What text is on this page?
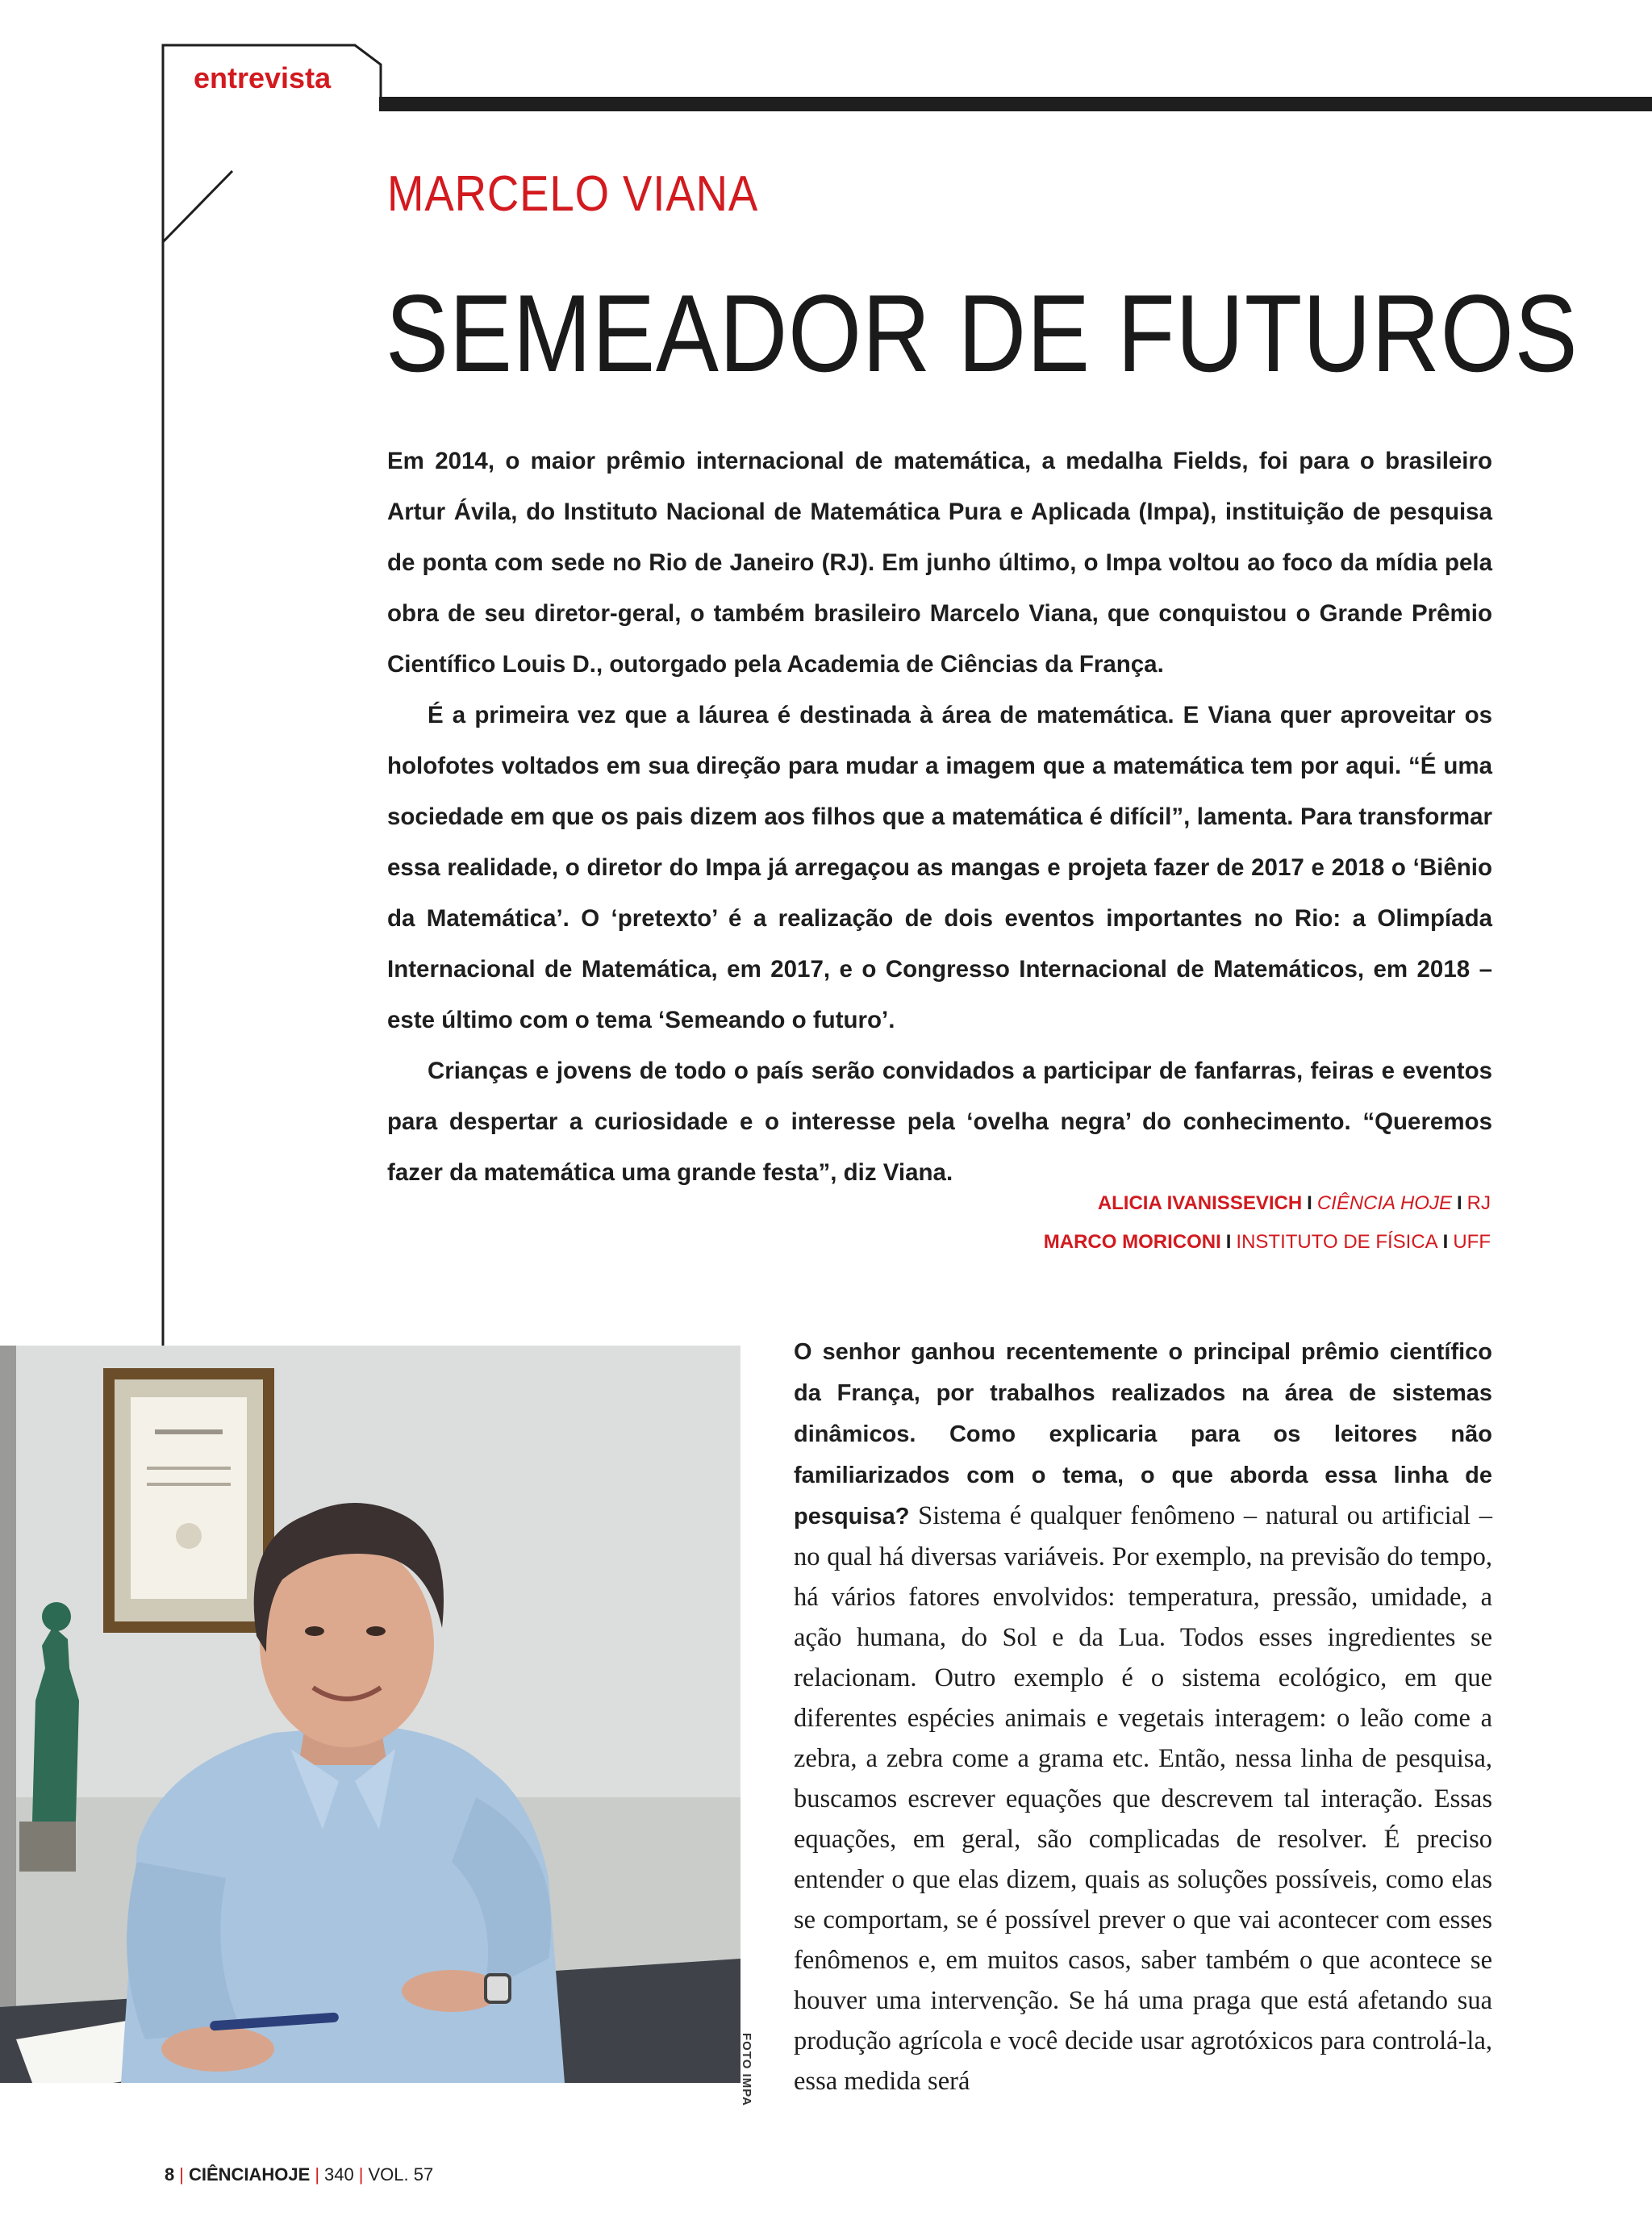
entrevista
MARCELO VIANA
SEMEADOR DE FUTUROS

Em 2014, o maior prêmio internacional de matemática, a medalha Fields, foi para o brasileiro Artur Ávila, do Instituto Nacional de Matemática Pura e Aplicada (Impa), instituição de pesquisa de ponta com sede no Rio de Janeiro (RJ). Em junho último, o Impa voltou ao foco da mídia pela obra de seu diretor-geral, o também brasileiro Marcelo Viana, que conquistou o Grande Prêmio Científico Louis D., outorgado pela Academia de Ciências da França.

É a primeira vez que a láurea é destinada à área de matemática. E Viana quer aproveitar os holofotes voltados em sua direção para mudar a imagem que a matemática tem por aqui. “É uma sociedade em que os pais dizem aos filhos que a matemática é difícil”, lamenta. Para transformar essa realidade, o diretor do Impa já arregaçou as mangas e projeta fazer de 2017 e 2018 o ‘Biênio da Matemática’. O ‘pretexto’ é a realização de dois eventos importantes no Rio: a Olimpíada Internacional de Matemática, em 2017, e o Congresso Internacional de Matemáticos, em 2018 – este último com o tema ‘Semeando o futuro’.

Crianças e jovens de todo o país serão convidados a participar de fanfarras, feiras e eventos para despertar a curiosidade e o interesse pela ‘ovelha negra’ do conhecimento. “Queremos fazer da matemática uma grande festa”, diz Viana.

ALICIA IVANISSEVICH I CIÊNCIA HOJE I RJ
MARCO MORICONI I INSTITUTO DE FÍSICA I UFF
FOTO IMPA
O senhor ganhou recentemente o principal prêmio científico da França, por trabalhos realizados na área de sistemas dinâmicos. Como explicaria para os leitores não familiarizados com o tema, o que aborda essa linha de pesquisa? Sistema é qualquer fenômeno – natural ou artificial – no qual há diversas variáveis. Por exemplo, na previsão do tempo, há vários fatores envolvidos: temperatura, pressão, umidade, a ação humana, do Sol e da Lua. Todos esses ingredientes se relacionam. Outro exemplo é o sistema ecológico, em que diferentes espécies animais e vegetais interagem: o leão come a zebra, a zebra come a grama etc. Então, nessa linha de pesquisa, buscamos escrever equações que descrevem tal interação. Essas equações, em geral, são complicadas de resolver. É preciso entender o que elas dizem, quais as soluções possíveis, como elas se comportam, se é possível prever o que vai acontecer com esses fenômenos e, em muitos casos, saber também o que acontece se houver uma intervenção. Se há uma praga que está afetando sua produção agrícola e você decide usar agrotóxicos para controlá-la, essa medida será
8 | CIÊNCIAHOJE | 340 | VOL. 57
